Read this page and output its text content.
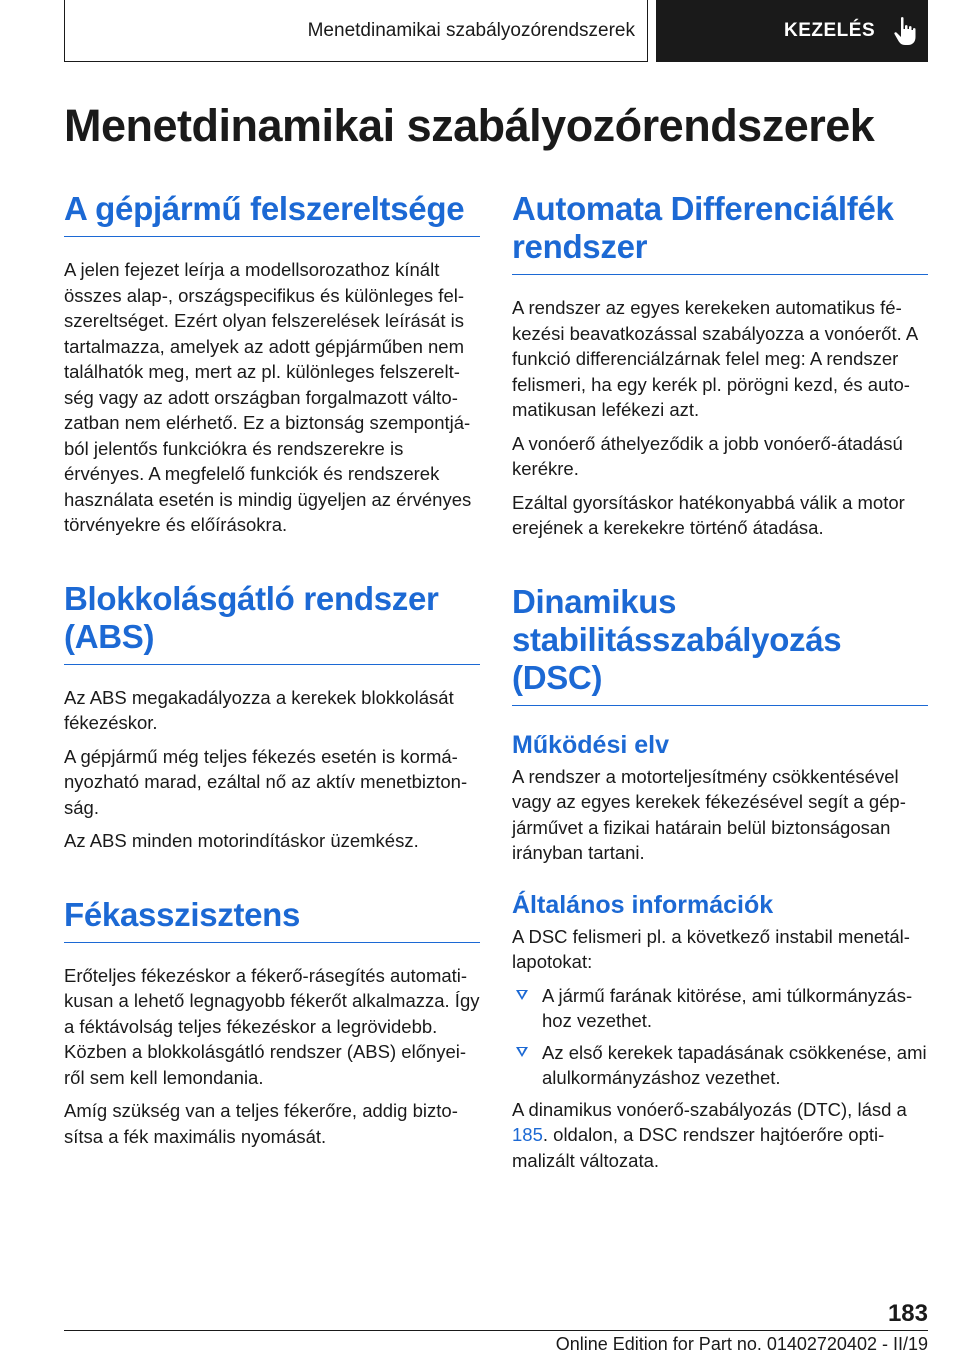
Menetdinamikai szabályozórendszerek	KEZELÉS
Menetdinamikai szabályozórendszerek
A gépjármű felszereltsége

A jelen fejezet leírja a modellsorozathoz kínált összes alap-, országspecifikus és különleges felszereltséget. Ezért olyan felszerelések leírását is tartalmazza, amelyek az adott gépjárműben nem találhatók meg, mert az pl. különleges felszereltség vagy az adott országban forgalmazott változatban nem elérhető. Ez a biztonság szempontjából jelentős funkciókra és rendszerekre is érvényes. A megfelelő funkciók és rendszerek használata esetén is mindig ügyeljen az érvényes törvényekre és előírásokra.

Blokkolásgátló rendszer (ABS)

Az ABS megakadályozza a kerekek blokkolását fékezéskor.

A gépjármű még teljes fékezés esetén is kormányozható marad, ezáltal nő az aktív menetbiztonság.

Az ABS minden motorindításkor üzemkész.

Fékasszisztens

Erőteljes fékezéskor a fékerő-rásegítés automatikusan a lehető legnagyobb fékerőt alkalmazza. Így a féktávolság teljes fékezéskor a legrövidebb. Közben a blokkolásgátló rendszer (ABS) előnyeiről sem kell lemondania.

Amíg szükség van a teljes fékerőre, addig biztosítsa a fék maximális nyomását.

Automata Differenciálfék rendszer

A rendszer az egyes kerekeken automatikus fékezési beavatkozással szabályozza a vonóerőt. A funkció differenciálzárnak felel meg: A rendszer felismeri, ha egy kerék pl. pörögni kezd, és automatikusan lefékezi azt.

A vonóerő áthelyeződik a jobb vonóerő-átadású kerékre.

Ezáltal gyorsításkor hatékonyabbá válik a motor erejének a kerekekre történő átadása.

Dinamikus stabilitásszabályozás (DSC)
Működési elv

A rendszer a motorteljesítmény csökkentésével vagy az egyes kerekek fékezésével segít a gépjárművet a fizikai határain belül biztonságosan irányban tartani.

Általános információk

A DSC felismeri pl. a következő instabil menetállapotokat:

A jármű farának kitörése, ami túlkormányzáshoz vezethet.
Az első kerekek tapadásának csökkenése, ami alulkormányzáshoz vezethet.

A dinamikus vonóerő-szabályozás (DTC), lásd a 185. oldalon, a DSC rendszer hajtóerőre optimalizált változata.

183
Online Edition for Part no. 01402720402 - II/19
